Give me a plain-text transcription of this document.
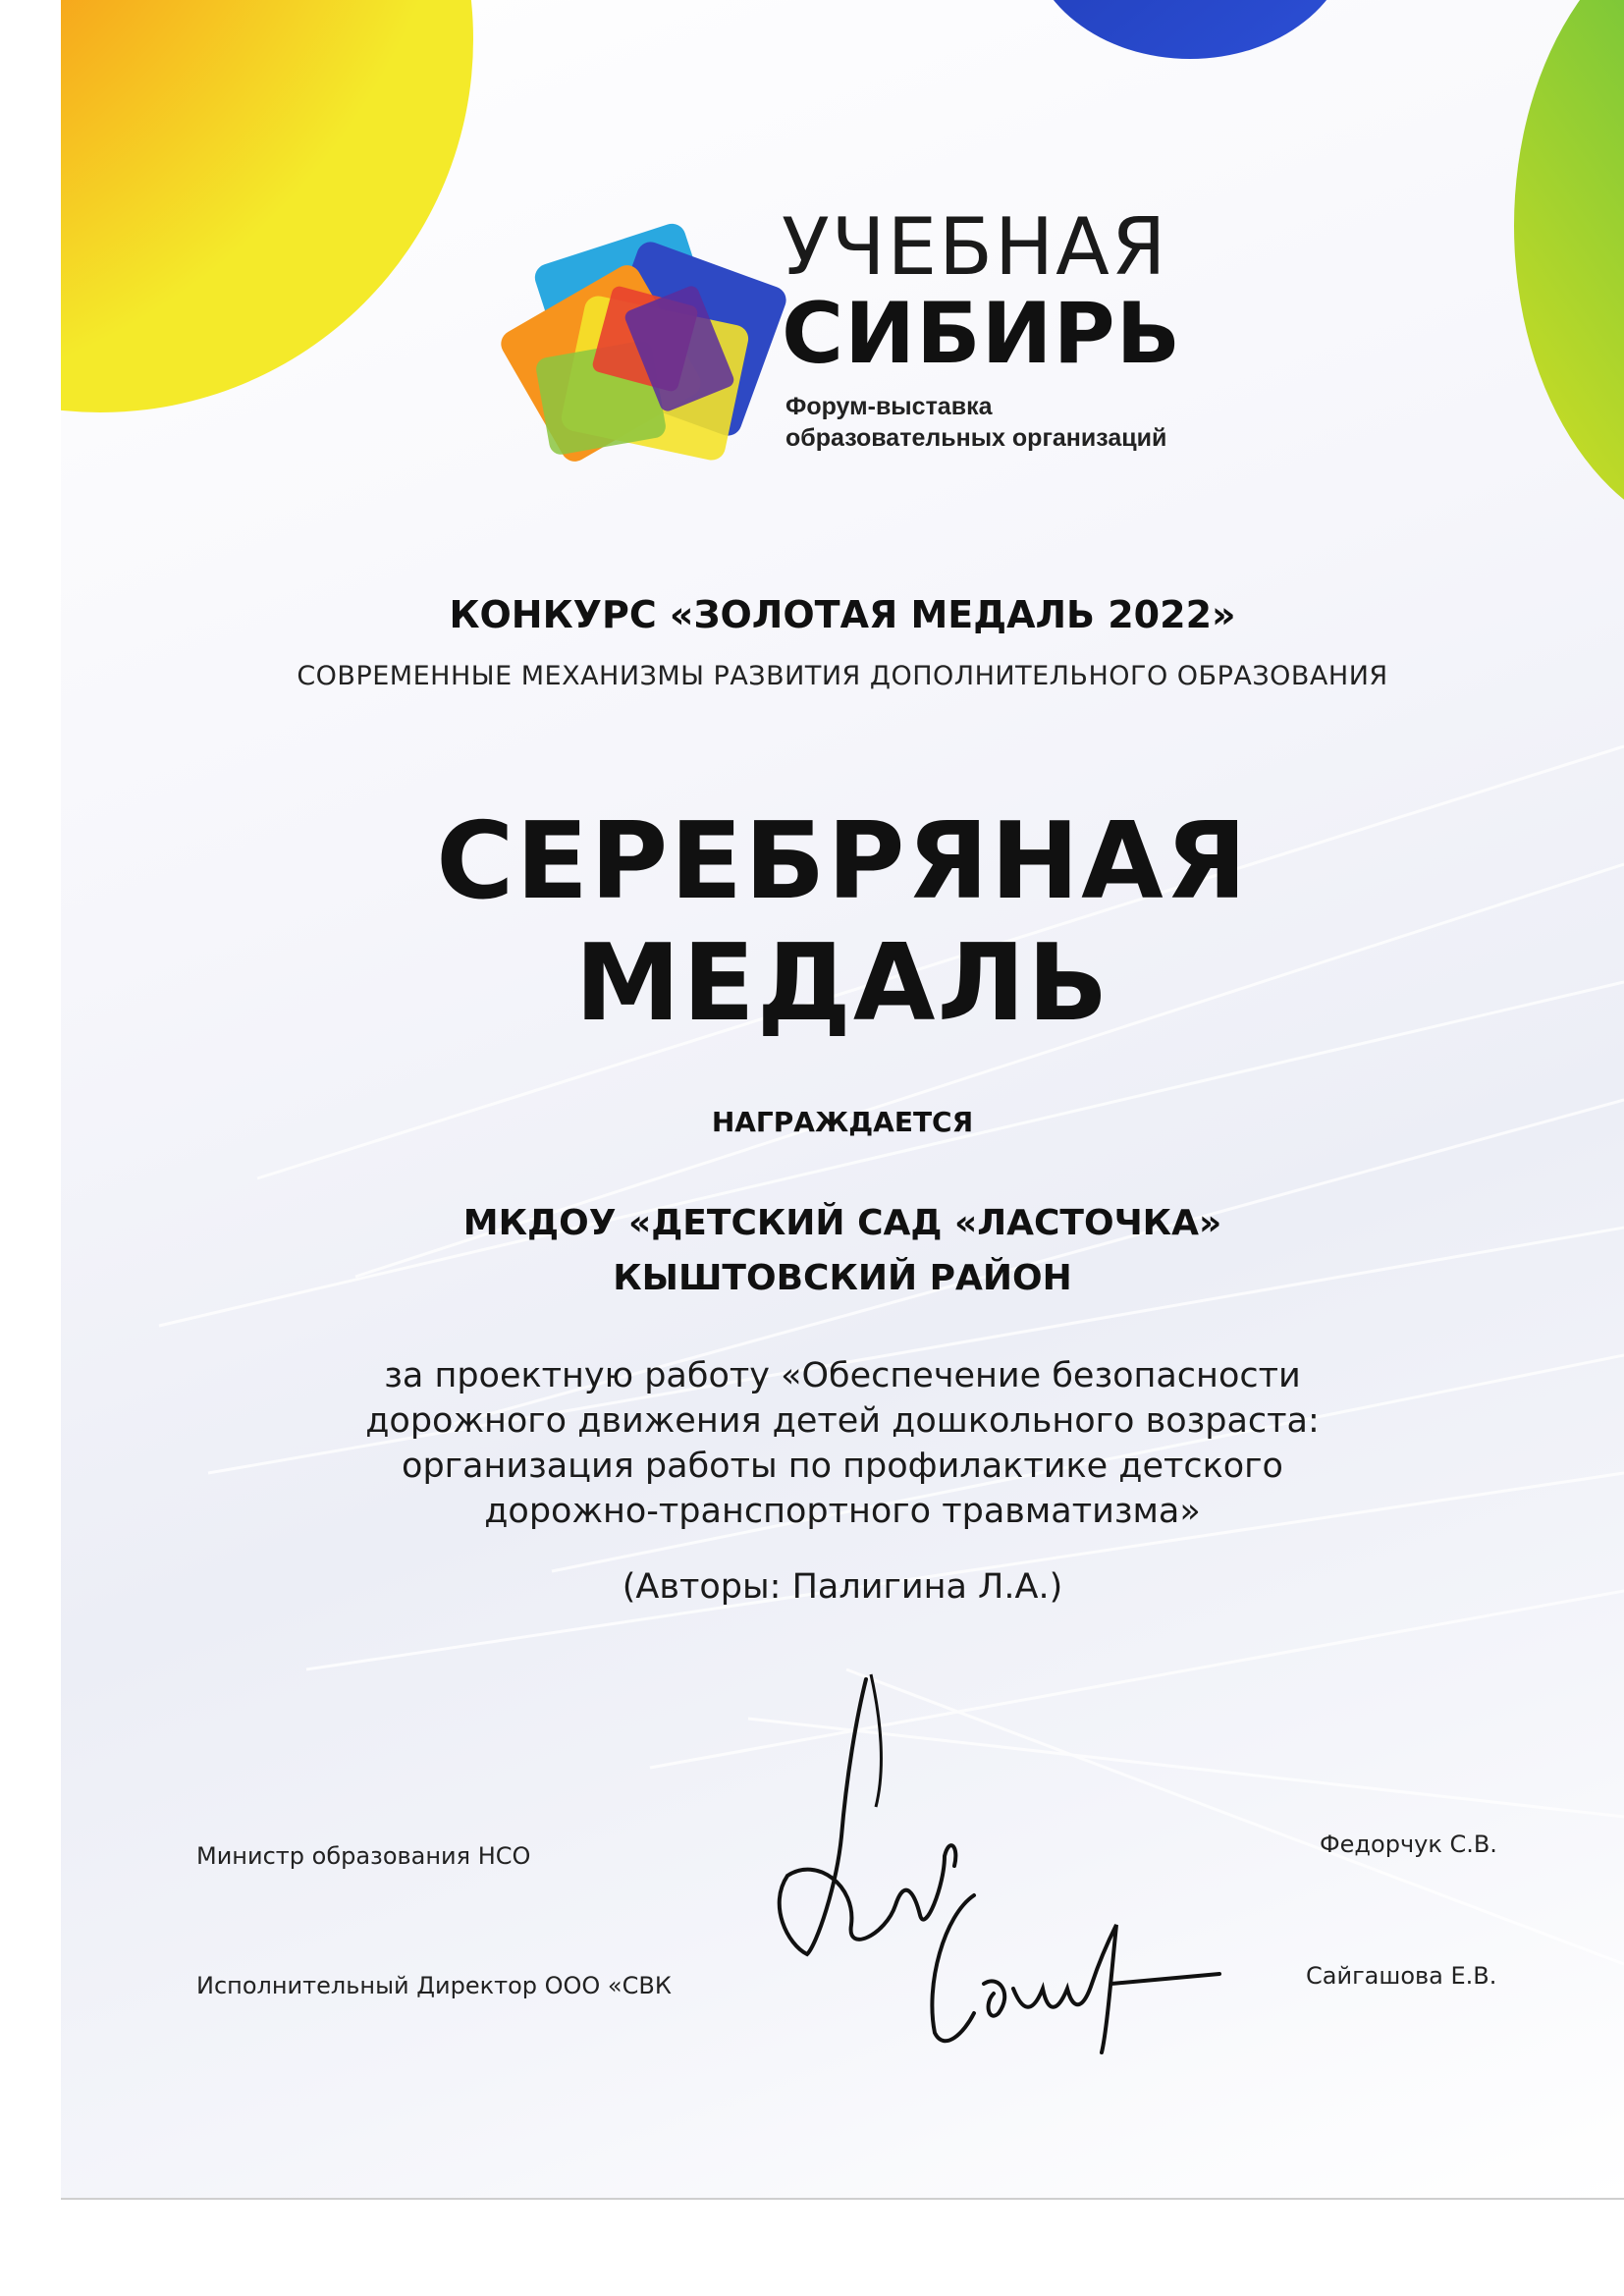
УЧЕБНАЯ
СИБИРЬ
Форум-выставка
образовательных организаций
КОНКУРС «ЗОЛОТАЯ МЕДАЛЬ 2022»
СОВРЕМЕННЫЕ МЕХАНИЗМЫ РАЗВИТИЯ ДОПОЛНИТЕЛЬНОГО ОБРАЗОВАНИЯ
СЕРЕБРЯНАЯ
МЕДАЛЬ
НАГРАЖДАЕТСЯ
МКДОУ «ДЕТСКИЙ САД «ЛАСТОЧКА»
КЫШТОВСКИЙ РАЙОН
за проектную работу «Обеспечение безопасности
дорожного движения детей дошкольного возраста:
организация работы по профилактике детского
дорожно-транспортного травматизма»
(Авторы: Палигина Л.А.)
Министр образования НСО	Федорчук С.В.
Исполнительный Директор ООО «СВК	Сайгашова Е.В.
